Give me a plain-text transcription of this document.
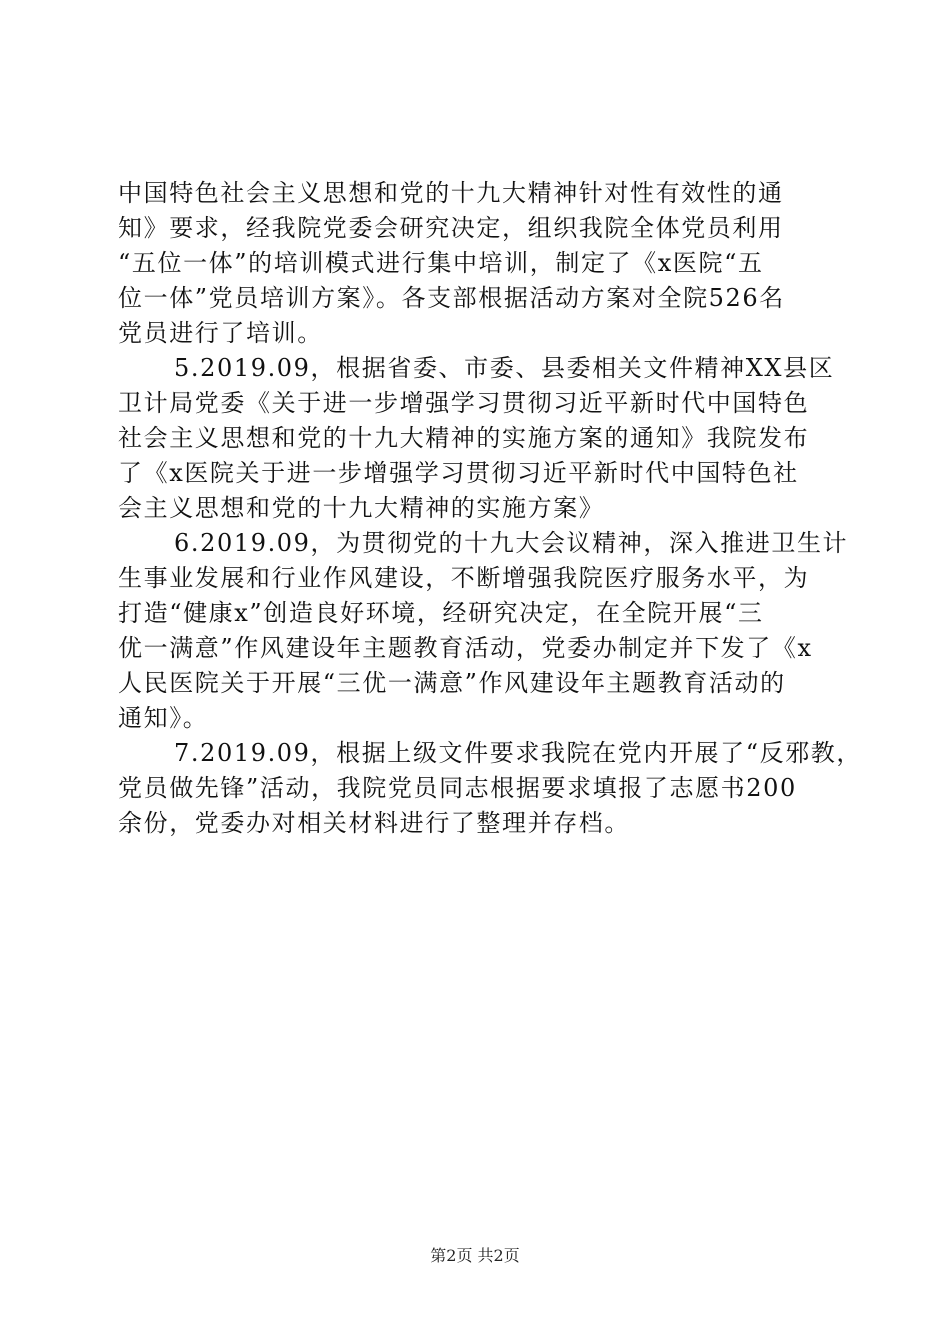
中国特色社会主义思想和党的十九大精神针对性有效性的通
知》要求，经我院党委会研究决定，组织我院全体党员利用
“五位一体”的培训模式进行集中培训，制定了《x医院“五
位一体”党员培训方案》。各支部根据活动方案对全院526名
党员进行了培训。
5.2019.09，根据省委、市委、县委相关文件精神XX县区
卫计局党委《关于进一步增强学习贯彻习近平新时代中国特色
社会主义思想和党的十九大精神的实施方案的通知》我院发布
了《x医院关于进一步增强学习贯彻习近平新时代中国特色社
会主义思想和党的十九大精神的实施方案》
6.2019.09，为贯彻党的十九大会议精神，深入推进卫生计
生事业发展和行业作风建设，不断增强我院医疗服务水平，为
打造“健康x”创造良好环境，经研究决定，在全院开展“三
优一满意”作风建设年主题教育活动，党委办制定并下发了《x
人民医院关于开展“三优一满意”作风建设年主题教育活动的
通知》。
7.2019.09，根据上级文件要求我院在党内开展了“反邪教，
党员做先锋”活动，我院党员同志根据要求填报了志愿书200
余份，党委办对相关材料进行了整理并存档。
第2页 共2页
